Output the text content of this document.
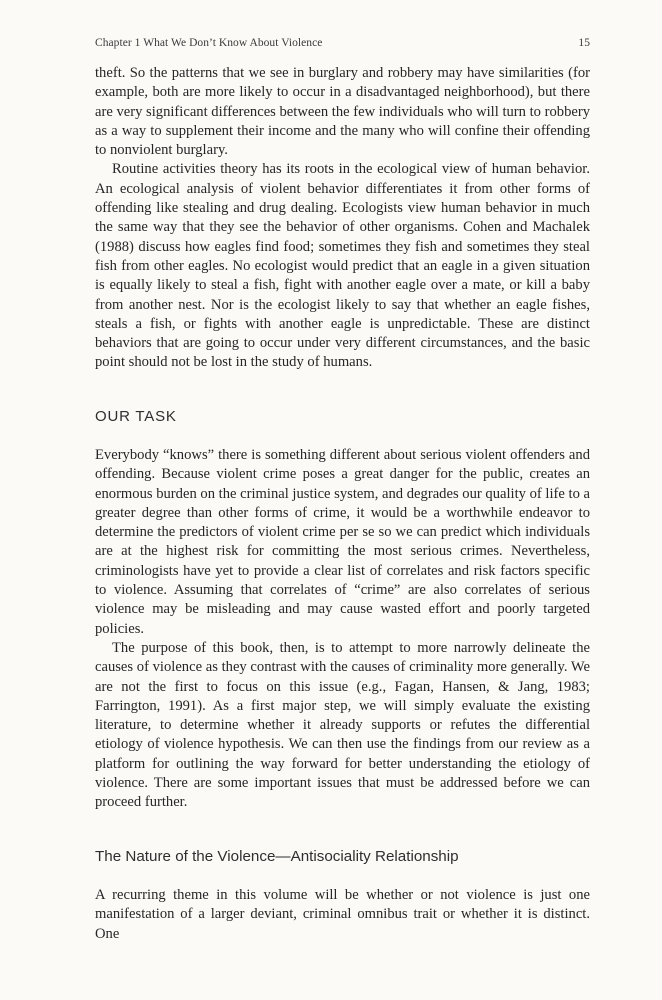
Chapter 1 What We Don’t Know About Violence	15

theft. So the patterns that we see in burglary and robbery may have similarities (for example, both are more likely to occur in a disadvantaged neighborhood), but there are very significant differences between the few individuals who will turn to robbery as a way to supplement their income and the many who will confine their offending to nonviolent burglary.

Routine activities theory has its roots in the ecological view of human behavior. An ecological analysis of violent behavior differentiates it from other forms of offending like stealing and drug dealing. Ecologists view human behavior in much the same way that they see the behavior of other organisms. Cohen and Machalek (1988) discuss how eagles find food; sometimes they fish and sometimes they steal fish from other eagles. No ecologist would predict that an eagle in a given situation is equally likely to steal a fish, fight with another eagle over a mate, or kill a baby from another nest. Nor is the ecologist likely to say that whether an eagle fishes, steals a fish, or fights with another eagle is unpredictable. These are distinct behaviors that are going to occur under very different circumstances, and the basic point should not be lost in the study of humans.

OUR TASK

Everybody “knows” there is something different about serious violent offenders and offending. Because violent crime poses a great danger for the public, creates an enormous burden on the criminal justice system, and degrades our quality of life to a greater degree than other forms of crime, it would be a worthwhile endeavor to determine the predictors of violent crime per se so we can predict which individuals are at the highest risk for committing the most serious crimes. Nevertheless, criminologists have yet to provide a clear list of correlates and risk factors specific to violence. Assuming that correlates of “crime” are also correlates of serious violence may be misleading and may cause wasted effort and poorly targeted policies.

The purpose of this book, then, is to attempt to more narrowly delineate the causes of violence as they contrast with the causes of criminality more generally. We are not the first to focus on this issue (e.g., Fagan, Hansen, & Jang, 1983; Farrington, 1991). As a first major step, we will simply evaluate the existing literature, to determine whether it already supports or refutes the differential etiology of violence hypothesis. We can then use the findings from our review as a platform for outlining the way forward for better understanding the etiology of violence. There are some important issues that must be addressed before we can proceed further.

The Nature of the Violence—Antisociality Relationship

A recurring theme in this volume will be whether or not violence is just one manifestation of a larger deviant, criminal omnibus trait or whether it is distinct. One
